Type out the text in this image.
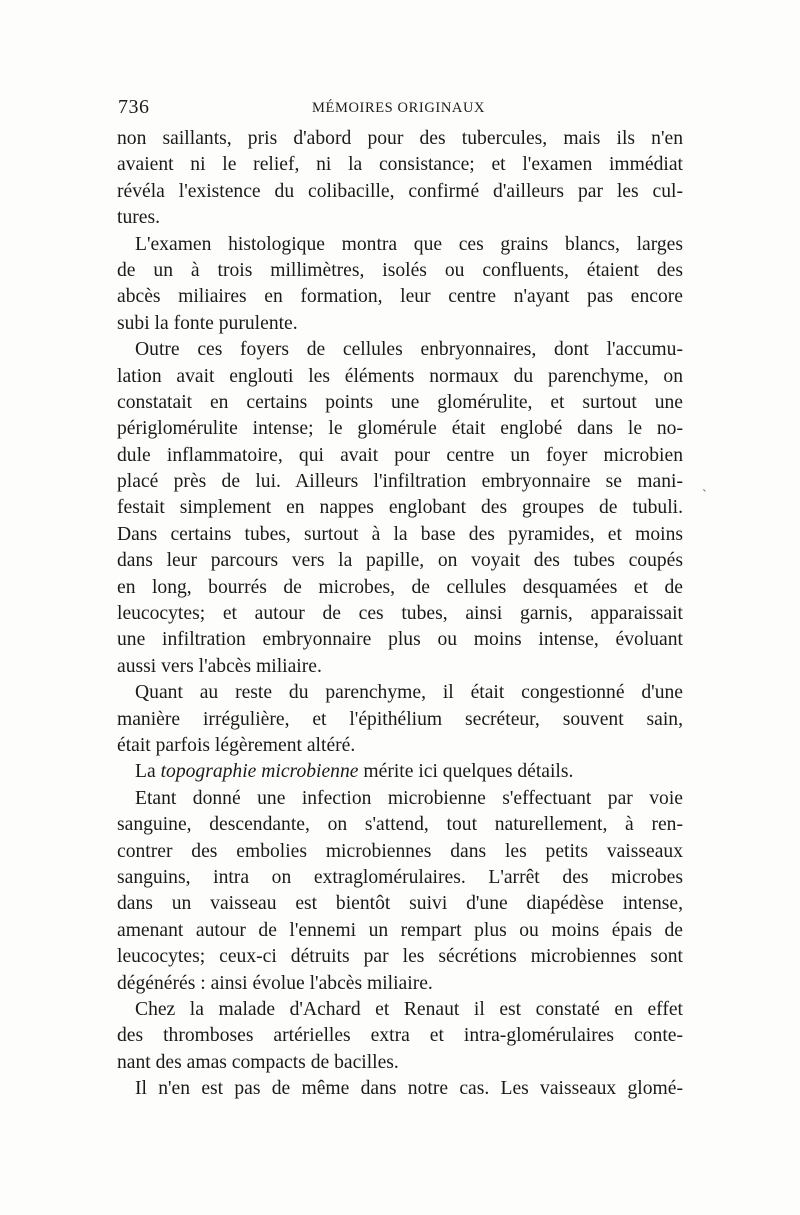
736	MÉMOIRES ORIGINAUX
non saillants, pris d'abord pour des tubercules, mais ils n'en
avaient ni le relief, ni la consistance; et l'examen immédiat
révéla l'existence du colibacille, confirmé d'ailleurs par les cul-
tures.
L'examen histologique montra que ces grains blancs, larges
de un à trois millimètres, isolés ou confluents, étaient des
abcès miliaires en formation, leur centre n'ayant pas encore
subi la fonte purulente.
Outre ces foyers de cellules enbryonnaires, dont l'accumu-
lation avait englouti les éléments normaux du parenchyme, on
constatait en certains points une glomérulite, et surtout une
périglomérulite intense; le glomérule était englobé dans le no-
dule inflammatoire, qui avait pour centre un foyer microbien
placé près de lui. Ailleurs l'infiltration embryonnaire se mani-
festait simplement en nappes englobant des groupes de tubuli.
Dans certains tubes, surtout à la base des pyramides, et moins
dans leur parcours vers la papille, on voyait des tubes coupés
en long, bourrés de microbes, de cellules desquamées et de
leucocytes; et autour de ces tubes, ainsi garnis, apparaissait
une infiltration embryonnaire plus ou moins intense, évoluant
aussi vers l'abcès miliaire.
Quant au reste du parenchyme, il était congestionné d'une
manière irrégulière, et l'épithélium secréteur, souvent sain,
était parfois légèrement altéré.
La topographie microbienne mérite ici quelques détails.
Etant donné une infection microbienne s'effectuant par voie
sanguine, descendante, on s'attend, tout naturellement, à ren-
contrer des embolies microbiennes dans les petits vaisseaux
sanguins, intra on extraglomérulaires. L'arrêt des microbes
dans un vaisseau est bientôt suivi d'une diapédèse intense,
amenant autour de l'ennemi un rempart plus ou moins épais de
leucocytes; ceux-ci détruits par les sécrétions microbiennes sont
dégénérés : ainsi évolue l'abcès miliaire.
Chez la malade d'Achard et Renaut il est constaté en effet
des thromboses artérielles extra et intra-glomérulaires conte-
nant des amas compacts de bacilles.
Il n'en est pas de même dans notre cas. Les vaisseaux glomé-
ˋ
